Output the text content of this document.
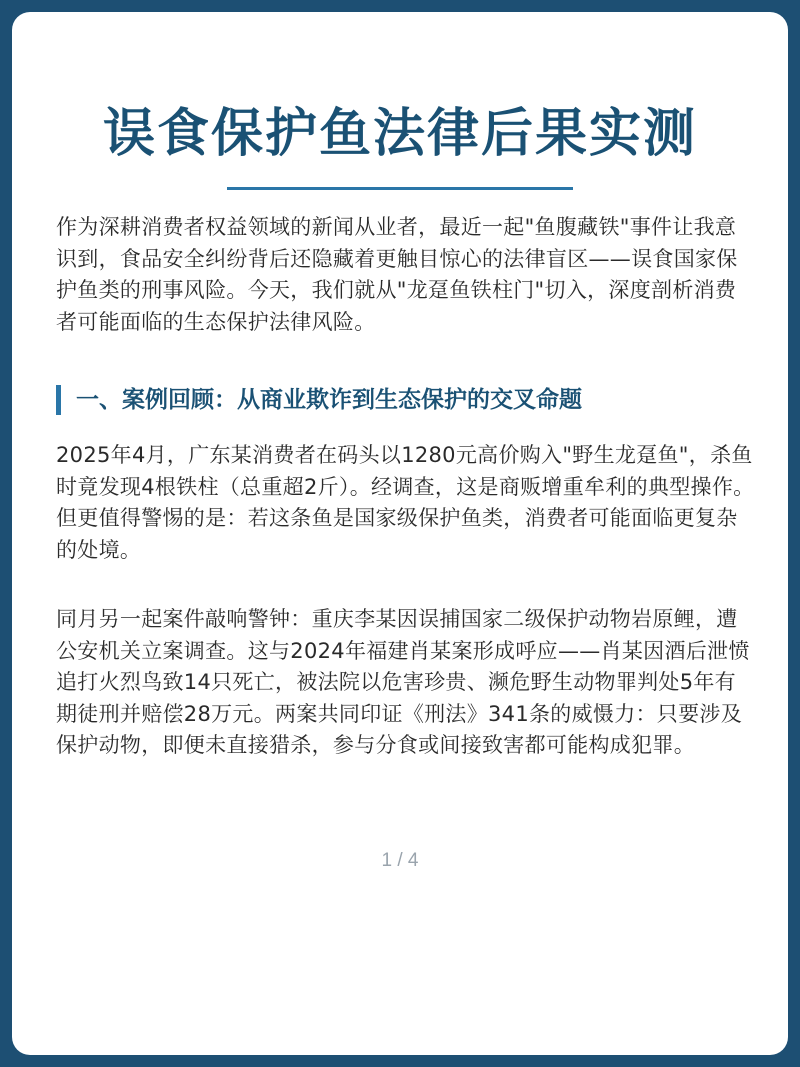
误食保护鱼法律后果实测

作为深耕消费者权益领域的新闻从业者，最近一起"鱼腹藏铁"事件让我意识到，食品安全纠纷背后还隐藏着更触目惊心的法律盲区——误食国家保护鱼类的刑事风险。今天，我们就从"龙趸鱼铁柱门"切入，深度剖析消费者可能面临的生态保护法律风险。

一、案例回顾：从商业欺诈到生态保护的交叉命题

2025年4月，广东某消费者在码头以1280元高价购入"野生龙趸鱼"，杀鱼时竟发现4根铁柱（总重超2斤）。经调查，这是商贩增重牟利的典型操作。但更值得警惕的是：若这条鱼是国家级保护鱼类，消费者可能面临更复杂的处境。

同月另一起案件敲响警钟：重庆李某因误捕国家二级保护动物岩原鲤，遭公安机关立案调查。这与2024年福建肖某案形成呼应——肖某因酒后泄愤追打火烈鸟致14只死亡，被法院以危害珍贵、濒危野生动物罪判处5年有期徒刑并赔偿28万元。两案共同印证《刑法》341条的威慑力：只要涉及保护动物，即便未直接猎杀，参与分食或间接致害都可能构成犯罪。

1 / 4
